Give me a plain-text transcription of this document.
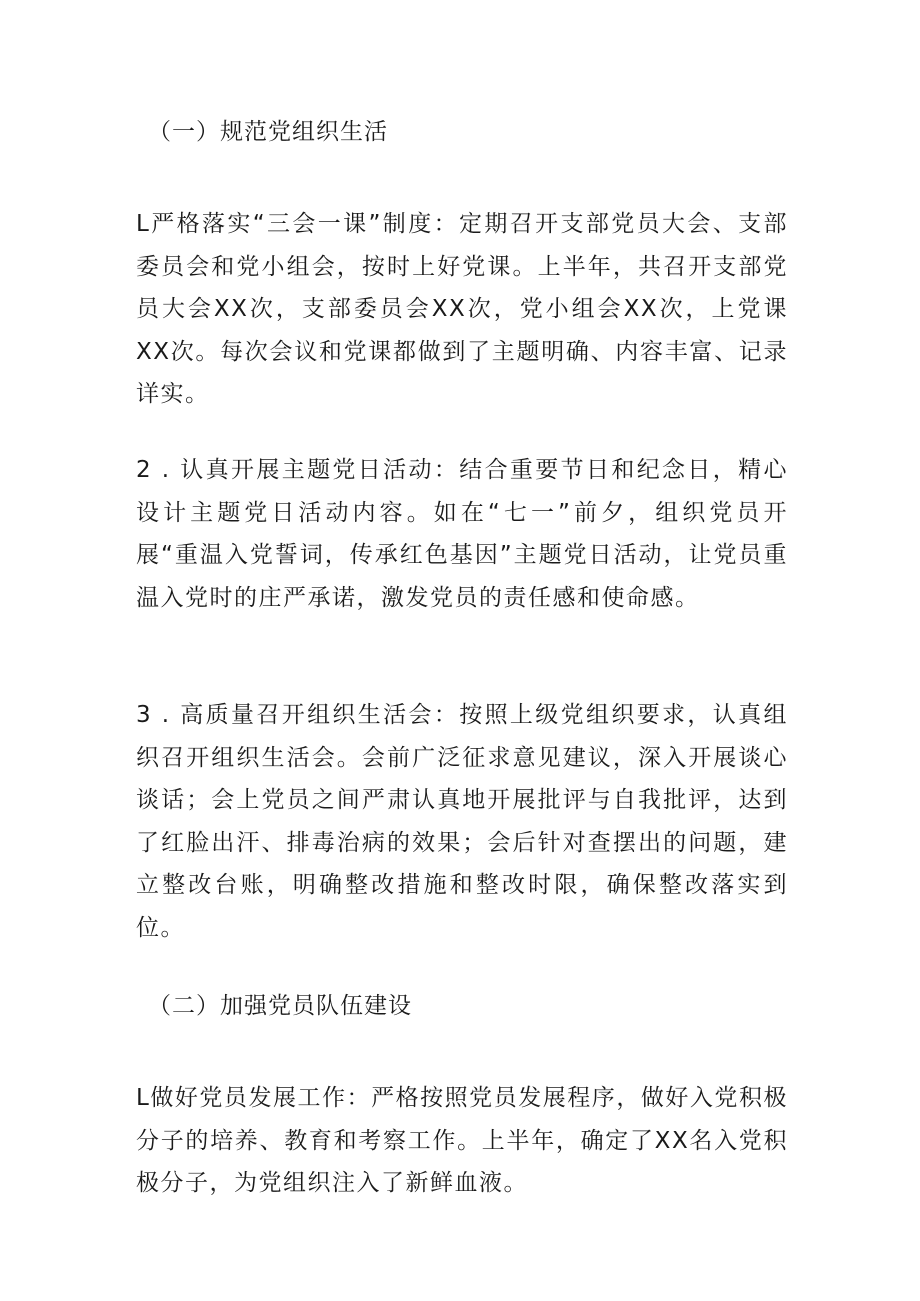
（一）规范党组织生活

L严格落实“三会一课”制度：定期召开支部党员大会、支部委员会和党小组会，按时上好党课。上半年，共召开支部党员大会XX次，支部委员会XX次，党小组会XX次，上党课XX次。每次会议和党课都做到了主题明确、内容丰富、记录详实。

2 . 认真开展主题党日活动：结合重要节日和纪念日，精心设计主题党日活动内容。如在“七一”前夕，组织党员开展“重温入党誓词，传承红色基因”主题党日活动，让党员重温入党时的庄严承诺，激发党员的责任感和使命感。

3 . 高质量召开组织生活会：按照上级党组织要求，认真组织召开组织生活会。会前广泛征求意见建议，深入开展谈心谈话；会上党员之间严肃认真地开展批评与自我批评，达到了红脸出汗、排毒治病的效果；会后针对查摆出的问题，建立整改台账，明确整改措施和整改时限，确保整改落实到位。

（二）加强党员队伍建设

L做好党员发展工作：严格按照党员发展程序，做好入党积极分子的培养、教育和考察工作。上半年，确定了XX名入党积极分子，为党组织注入了新鲜血液。
